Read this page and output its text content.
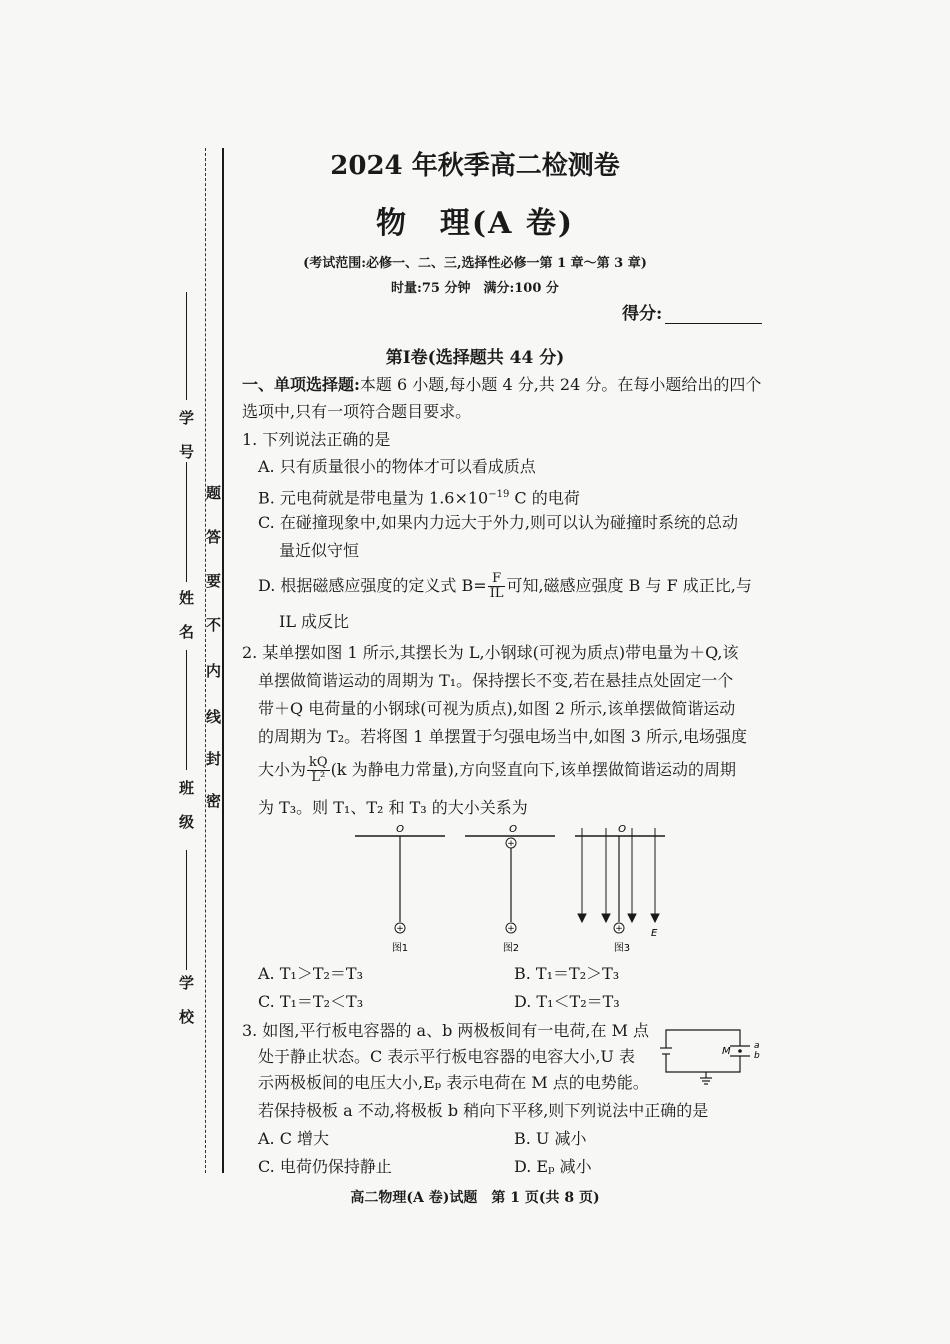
学　号
姓　名
班　级
学　校
密
封
线
内
不
要
答
题
2024 年秋季高二检测卷
物　理(A 卷)
(考试范围:必修一、二、三,选择性必修一第 1 章～第 3 章)
时量:75 分钟　满分:100 分
得分:
第Ⅰ卷(选择题共 44 分)
一、单项选择题:本题 6 小题,每小题 4 分,共 24 分。在每小题给出的四个
选项中,只有一项符合题目要求。
1. 下列说法正确的是
A. 只有质量很小的物体才可以看成质点
B. 元电荷就是带电量为 $1.6\times 10^{-19}$ C 的电荷
C. 在碰撞现象中,如果内力远大于外力,则可以认为碰撞时系统的总动
量近似守恒
D. 根据磁感应强度的定义式 $B= \frac{F}{IL}$ 可知,磁感应强度 B 与 F 成正比,与
IL 成反比
2. 某单摆如图 1 所示,其摆长为 L,小钢球(可视为质点)带电量为＋Q,该
单摆做简谐运动的周期为 T₁。保持摆长不变,若在悬挂点处固定一个
带＋Q 电荷量的小钢球(可视为质点),如图 2 所示,该单摆做简谐运动
的周期为 T₂。若将图 1 单摆置于匀强电场当中,如图 3 所示,电场强度
大小为 $\frac{kQ}{\text{L²}} (k$ 为静电力常量),方向竖直向下,该单摆做简谐运动的周期
为 T₃。则 T₁、T₂ 和 T₃ 的大小关系为
O
+
图1
O
+
+
图2
O
+	E
图3
A. T₁＞T₂＝T₃	B. T₁＝T₂＞T₃
C. T₁＝T₂＜T₃	D. T₁＜T₂＝T₃
3. 如图,平行板电容器的 a、b 两极板间有一电荷,在 M 点
处于静止状态。C 表示平行板电容器的电容大小,U 表
示两极板间的电压大小,Eₚ 表示电荷在 M 点的电势能。
若保持极板 a 不动,将极板 b 稍向下平移,则下列说法中正确的是
A. C 增大	B. U 减小
C. 电荷仍保持静止	D. Eₚ 减小
M	a
b
高二物理(A 卷)试题　第 1 页(共 8 页)
